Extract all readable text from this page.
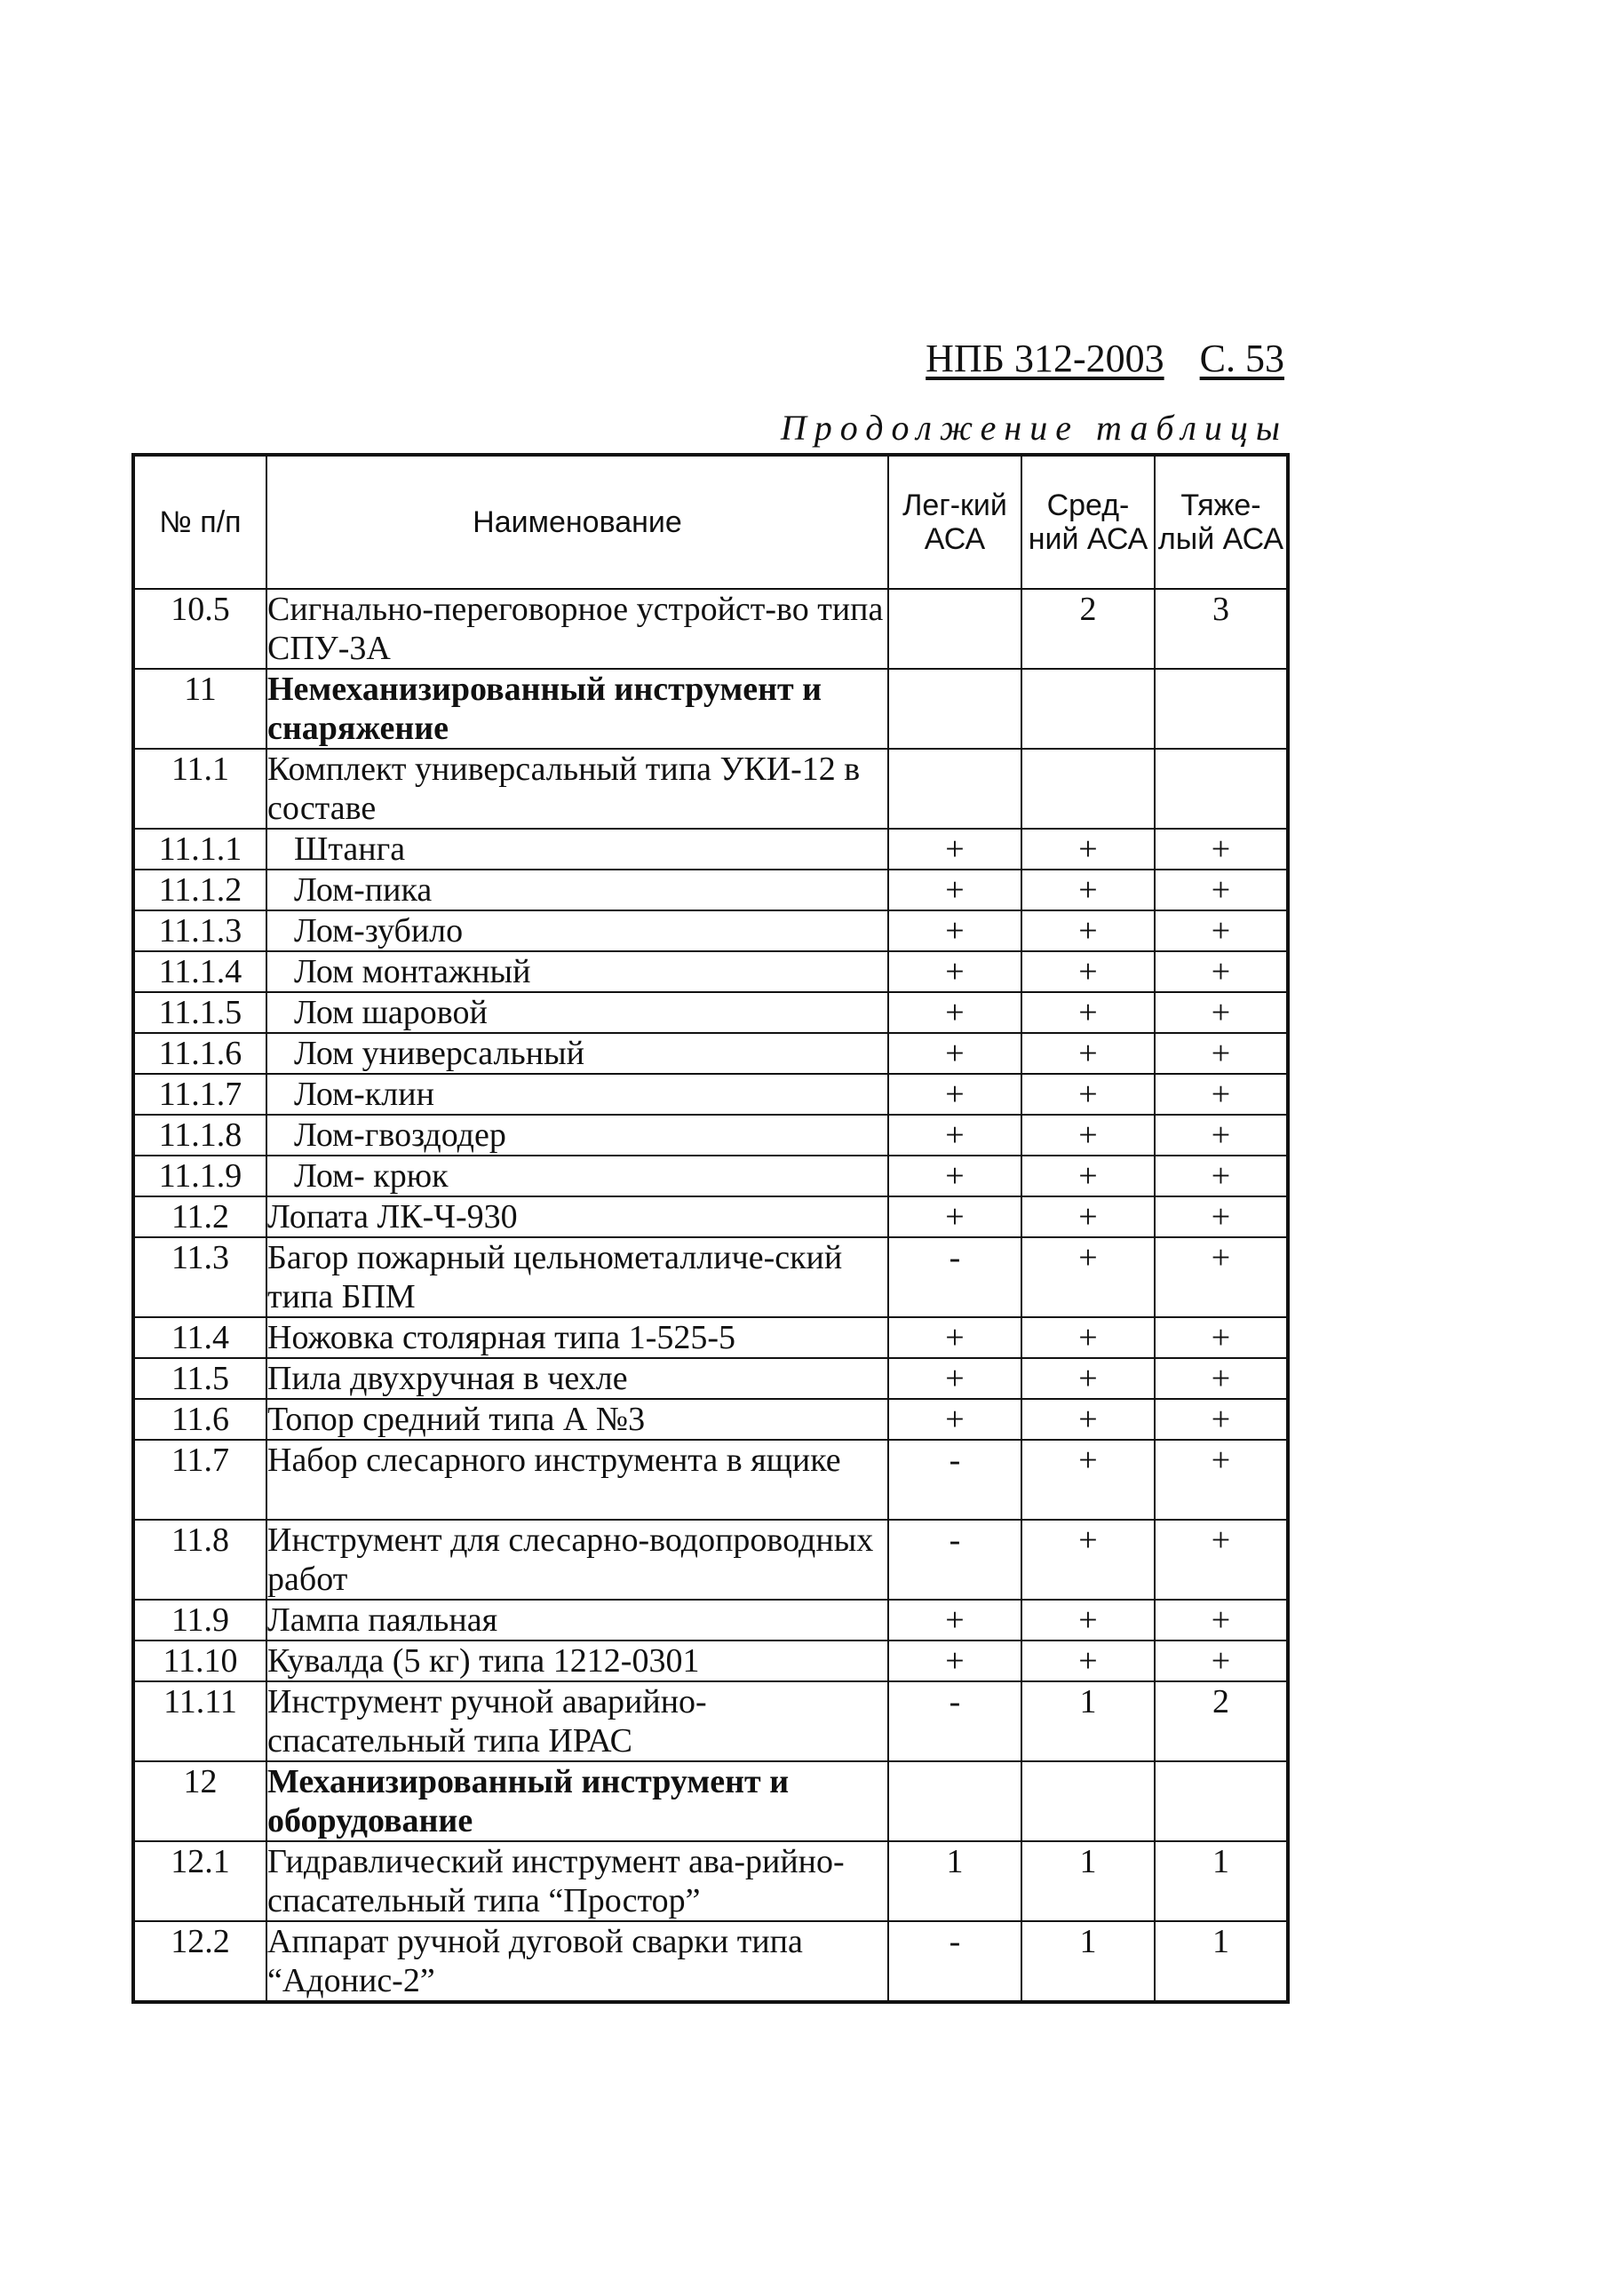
НПБ 312-2003 С. 53
Продолжение таблицы
№ п/п	Наименование	Лег-кий АСА	Сред-ний АСА	Тяже-лый АСА
10.5	Сигнально-переговорное устройст-во типа СПУ-3А		2	3
11	Немеханизированный инструмент и снаряжение			
11.1	Комплект универсальный типа УКИ-12 в составе			
11.1.1	Штанга	+	+	+
11.1.2	Лом-пика	+	+	+
11.1.3	Лом-зубило	+	+	+
11.1.4	Лом монтажный	+	+	+
11.1.5	Лом шаровой	+	+	+
11.1.6	Лом универсальный	+	+	+
11.1.7	Лом-клин	+	+	+
11.1.8	Лом-гвоздодер	+	+	+
11.1.9	Лом- крюк	+	+	+
11.2	Лопата ЛК-Ч-930	+	+	+
11.3	Багор пожарный цельнометалличе-ский типа БПМ	-	+	+
11.4	Ножовка столярная типа 1-525-5	+	+	+
11.5	Пила двухручная в чехле	+	+	+
11.6	Топор средний типа А №3	+	+	+
11.7	Набор слесарного инструмента в ящике	-	+	+
11.8	Инструмент для слесарно-водопроводных работ	-	+	+
11.9	Лампа паяльная	+	+	+
11.10	Кувалда (5 кг) типа 1212-0301	+	+	+
11.11	Инструмент ручной аварийно-спасательный типа ИРАС	-	1	2
12	Механизированный инструмент и оборудование			
12.1	Гидравлический инструмент ава-рийно-спасательный типа “Простор”	1	1	1
12.2	Аппарат ручной дуговой сварки типа “Адонис-2”	-	1	1
